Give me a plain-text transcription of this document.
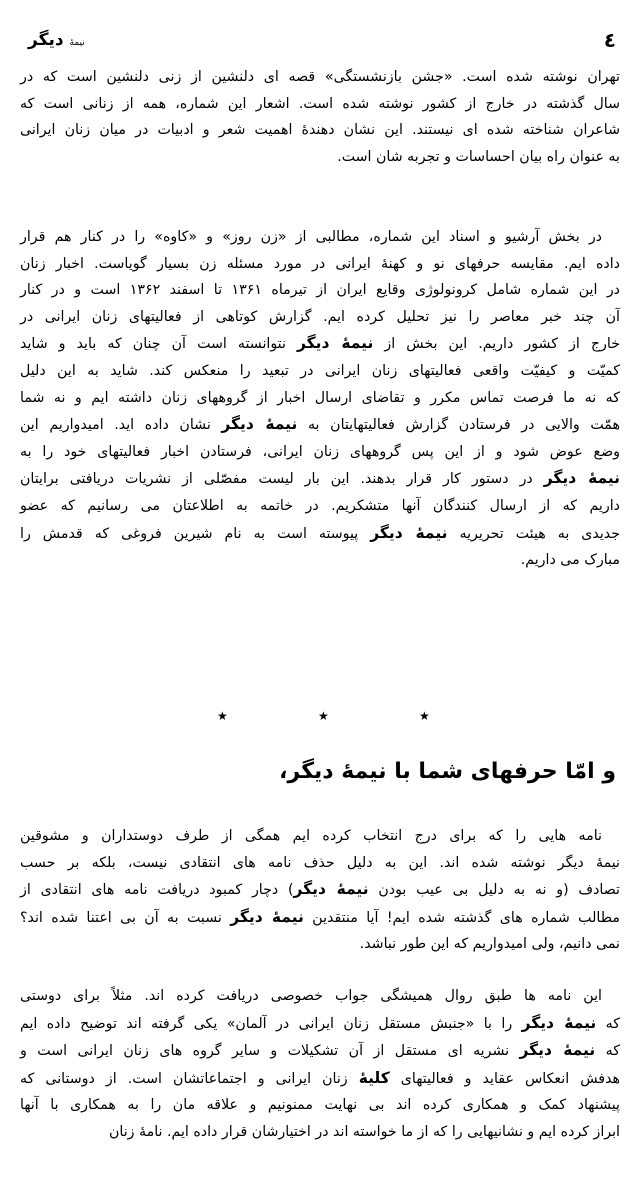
٤
نیمهٔ دیگر
تهران نوشته شده است. «جشن بازنشستگی» قصه ای دلنشین از زنی دلنشین است که در
سال گذشته در خارج از کشور نوشته شده است. اشعار این شماره، همه از زنانی است که
شاعران شناخته شده ای نیستند. این نشان دهندهٔ اهمیت شعر و ادبیات در میان زنان ایرانی
به عنوان راه بیان احساسات و تجربه شان است.
در بخش آرشیو و اسناد این شماره، مطالبی از «زن روز» و «کاوه» را در کنار هم قرار
داده ایم. مقایسه حرفهای نو و کهنهٔ ایرانی در مورد مسئله زن بسیار گویاست. اخبار زنان
در این شماره شامل کرونولوژی وقایع ایران از تیرماه ۱۳۶۱ تا اسفند ۱۳۶۲ است و در کنار
آن چند خبر معاصر را نیز تحلیل کرده ایم. گزارش کوتاهی از فعالیتهای زنان ایرانی در
خارج از کشور داریم. این بخش از نیمهٔ دیگر نتوانسته است آن چنان که باید و شاید
کمیّت و کیفیّت واقعی فعالیتهای زنان ایرانی در تبعید را منعکس کند. شاید به این دلیل
که نه ما فرصت تماس مکرر و تقاضای ارسال اخبار از گروههای زنان داشته ایم و نه شما
همّت والایی در فرستادن گزارش فعالیتهایتان به نیمهٔ دیگر نشان داده اید. امیدواریم این
وضع عوض شود و از این پس گروههای زنان ایرانی، فرستادن اخبار فعالیتهای خود را به
نیمهٔ دیگر در دستور کار قرار بدهند. این بار لیست مفصّلی از نشریات دریافتی برایتان
داریم که از ارسال کنندگان آنها متشکریم. در خاتمه به اطلاعتان می رسانیم که عضو
جدیدی به هیئت تحریریه نیمهٔ دیگر پیوسته است به نام شیرین فروغی که قدمش را
مبارک می داریم.
★	★	★
و امّا حرفهای شما با نیمهٔ دیگر،
نامه هایی را که برای درج انتخاب کرده ایم همگی از طرف دوستداران و مشوقین
نیمهٔ دیگر نوشته شده اند. این به دلیل حذف نامه های انتقادی نیست، بلکه بر حسب
تصادف (و نه به دلیل بی عیب بودن نیمهٔ دیگر) دچار کمبود دریافت نامه های انتقادی از
مطالب شماره های گذشته شده ایم! آیا منتقدین نیمهٔ دیگر نسبت به آن بی اعتنا شده اند؟
نمی دانیم، ولی امیدواریم که این طور نباشد.
این نامه ها طبق روال همیشگی جواب خصوصی دریافت کرده اند. مثلاً برای دوستی
که نیمهٔ دیگر را با «جنبش مستقل زنان ایرانی در آلمان» یکی گرفته اند توضیح داده ایم
که نیمهٔ دیگر نشریه ای مستقل از آن تشکیلات و سایر گروه های زنان ایرانی است و
هدفش انعکاس عقاید و فعالیتهای کلیهٔ زنان ایرانی و اجتماعاتشان است. از دوستانی که
پیشنهاد کمک و همکاری کرده اند بی نهایت ممنونیم و علاقه مان را به همکاری با آنها
ابراز کرده ایم و نشانیهایی را که از ما خواسته اند در اختیارشان قرار داده ایم. نامهٔ زنان
